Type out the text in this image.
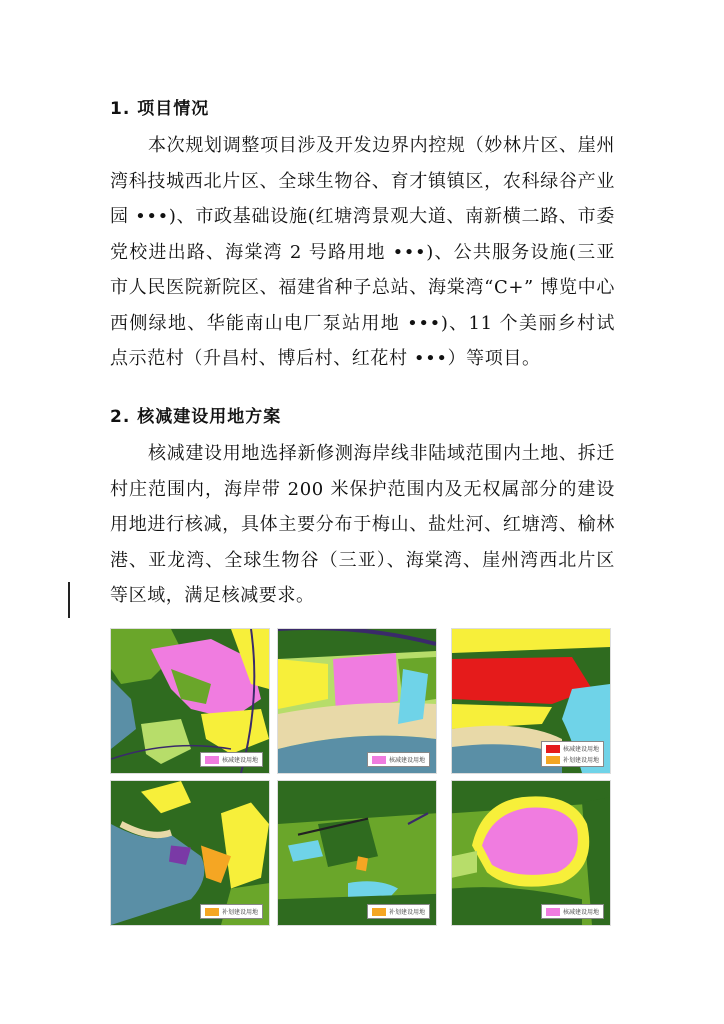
1. 项目情况

本次规划调整项目涉及开发边界内控规（妙林片区、崖州湾科技城西北片区、全球生物谷、育才镇镇区，农科绿谷产业园 •••)、市政基础设施(红塘湾景观大道、南新横二路、市委党校进出路、海棠湾 2 号路用地 •••)、公共服务设施(三亚市人民医院新院区、福建省种子总站、海棠湾“C+” 博览中心西侧绿地、华能南山电厂泵站用地 •••)、11 个美丽乡村试点示范村（升昌村、博后村、红花村 •••）等项目。

2. 核减建设用地方案

核减建设用地选择新修测海岸线非陆域范围内土地、拆迁村庄范围内，海岸带 200 米保护范围内及无权属部分的建设用地进行核减，具体主要分布于梅山、盐灶河、红塘湾、榆林港、亚龙湾、全球生物谷（三亚）、海棠湾、崖州湾西北片区等区域，满足核减要求。

核减建设用地	核减建设用地
核减建设用地
补划建设用地
补划建设用地	补划建设用地	核减建设用地
